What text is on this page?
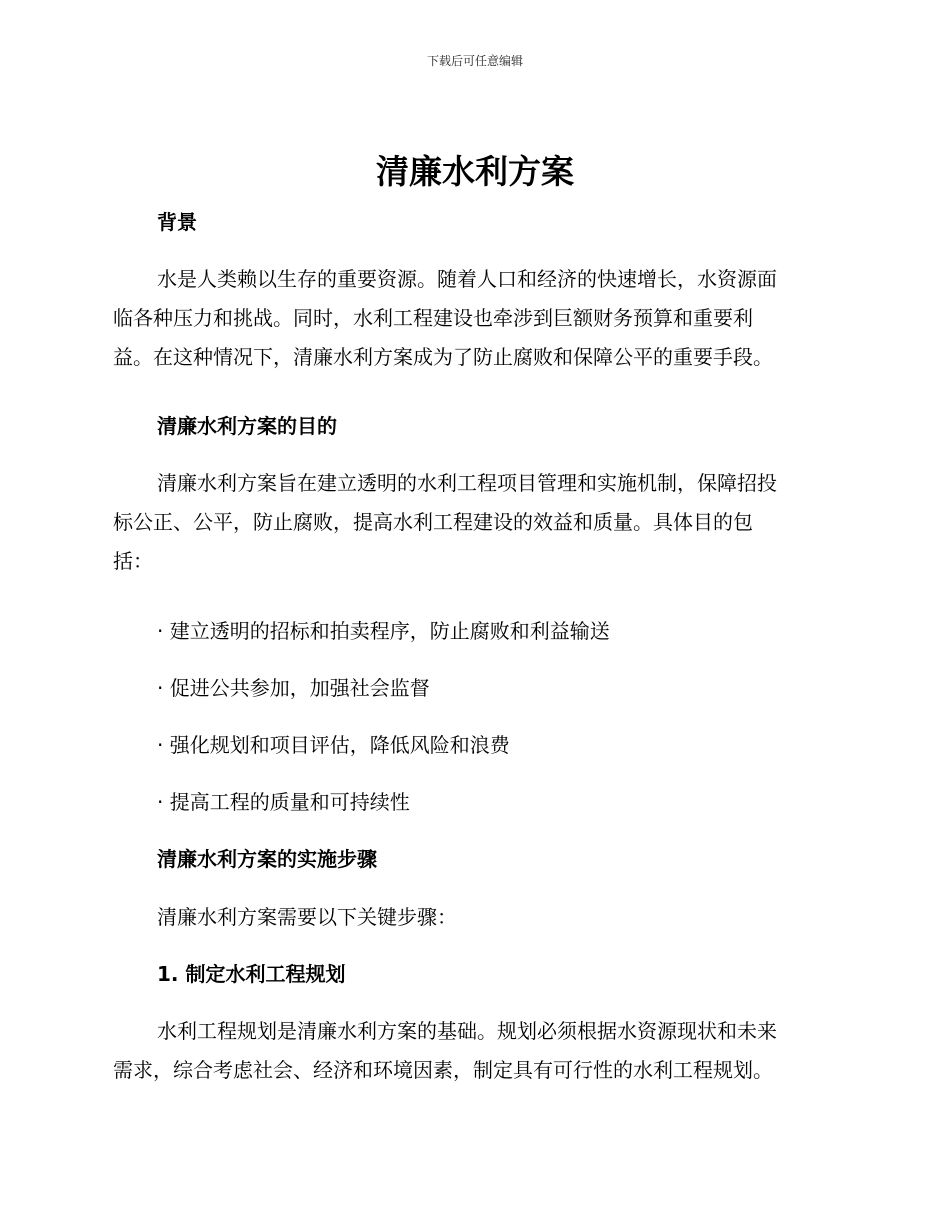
下载后可任意编辑
清廉水利方案
背景
水是人类赖以生存的重要资源。随着人口和经济的快速增长，水资源面
临各种压力和挑战。同时，水利工程建设也牵涉到巨额财务预算和重要利
益。在这种情况下，清廉水利方案成为了防止腐败和保障公平的重要手段。
清廉水利方案的目的
清廉水利方案旨在建立透明的水利工程项目管理和实施机制，保障招投
标公正、公平，防止腐败，提高水利工程建设的效益和质量。具体目的包
括：

· 建立透明的招标和拍卖程序，防止腐败和利益输送

· 促进公共参加，加强社会监督

· 强化规划和项目评估，降低风险和浪费

· 提高工程的质量和可持续性

清廉水利方案的实施步骤

清廉水利方案需要以下关键步骤：

1. 制定水利工程规划
水利工程规划是清廉水利方案的基础。规划必须根据水资源现状和未来
需求，综合考虑社会、经济和环境因素，制定具有可行性的水利工程规划。
